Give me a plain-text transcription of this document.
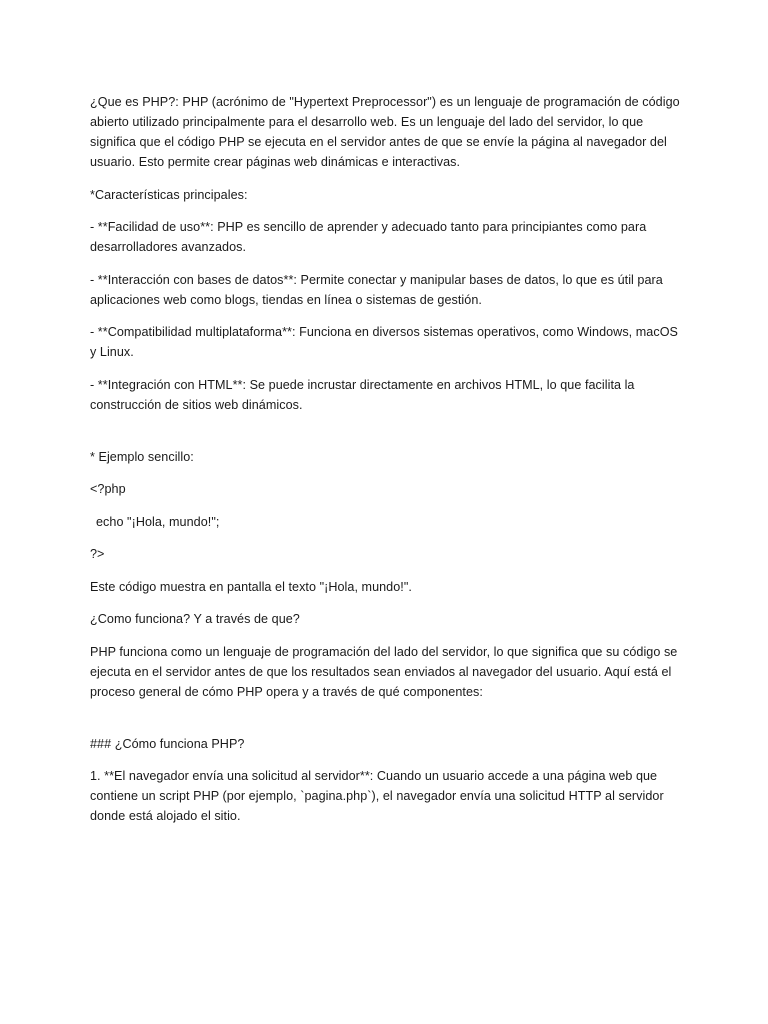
¿Que es PHP?: PHP (acrónimo de "Hypertext Preprocessor") es un lenguaje de programación de código abierto utilizado principalmente para el desarrollo web. Es un lenguaje del lado del servidor, lo que significa que el código PHP se ejecuta en el servidor antes de que se envíe la página al navegador del usuario. Esto permite crear páginas web dinámicas e interactivas.

*Características principales:

- **Facilidad de uso**: PHP es sencillo de aprender y adecuado tanto para principiantes como para desarrolladores avanzados.

- **Interacción con bases de datos**: Permite conectar y manipular bases de datos, lo que es útil para aplicaciones web como blogs, tiendas en línea o sistemas de gestión.

- **Compatibilidad multiplataforma**: Funciona en diversos sistemas operativos, como Windows, macOS y Linux.

- **Integración con HTML**: Se puede incrustar directamente en archivos HTML, lo que facilita la construcción de sitios web dinámicos.

* Ejemplo sencillo:

<?php

echo "¡Hola, mundo!";

?>

Este código muestra en pantalla el texto "¡Hola, mundo!".

¿Como funciona? Y a través de que?

PHP funciona como un lenguaje de programación del lado del servidor, lo que significa que su código se ejecuta en el servidor antes de que los resultados sean enviados al navegador del usuario. Aquí está el proceso general de cómo PHP opera y a través de qué componentes:

### ¿Cómo funciona PHP?

1. **El navegador envía una solicitud al servidor**: Cuando un usuario accede a una página web que contiene un script PHP (por ejemplo, `pagina.php`), el navegador envía una solicitud HTTP al servidor donde está alojado el sitio.
